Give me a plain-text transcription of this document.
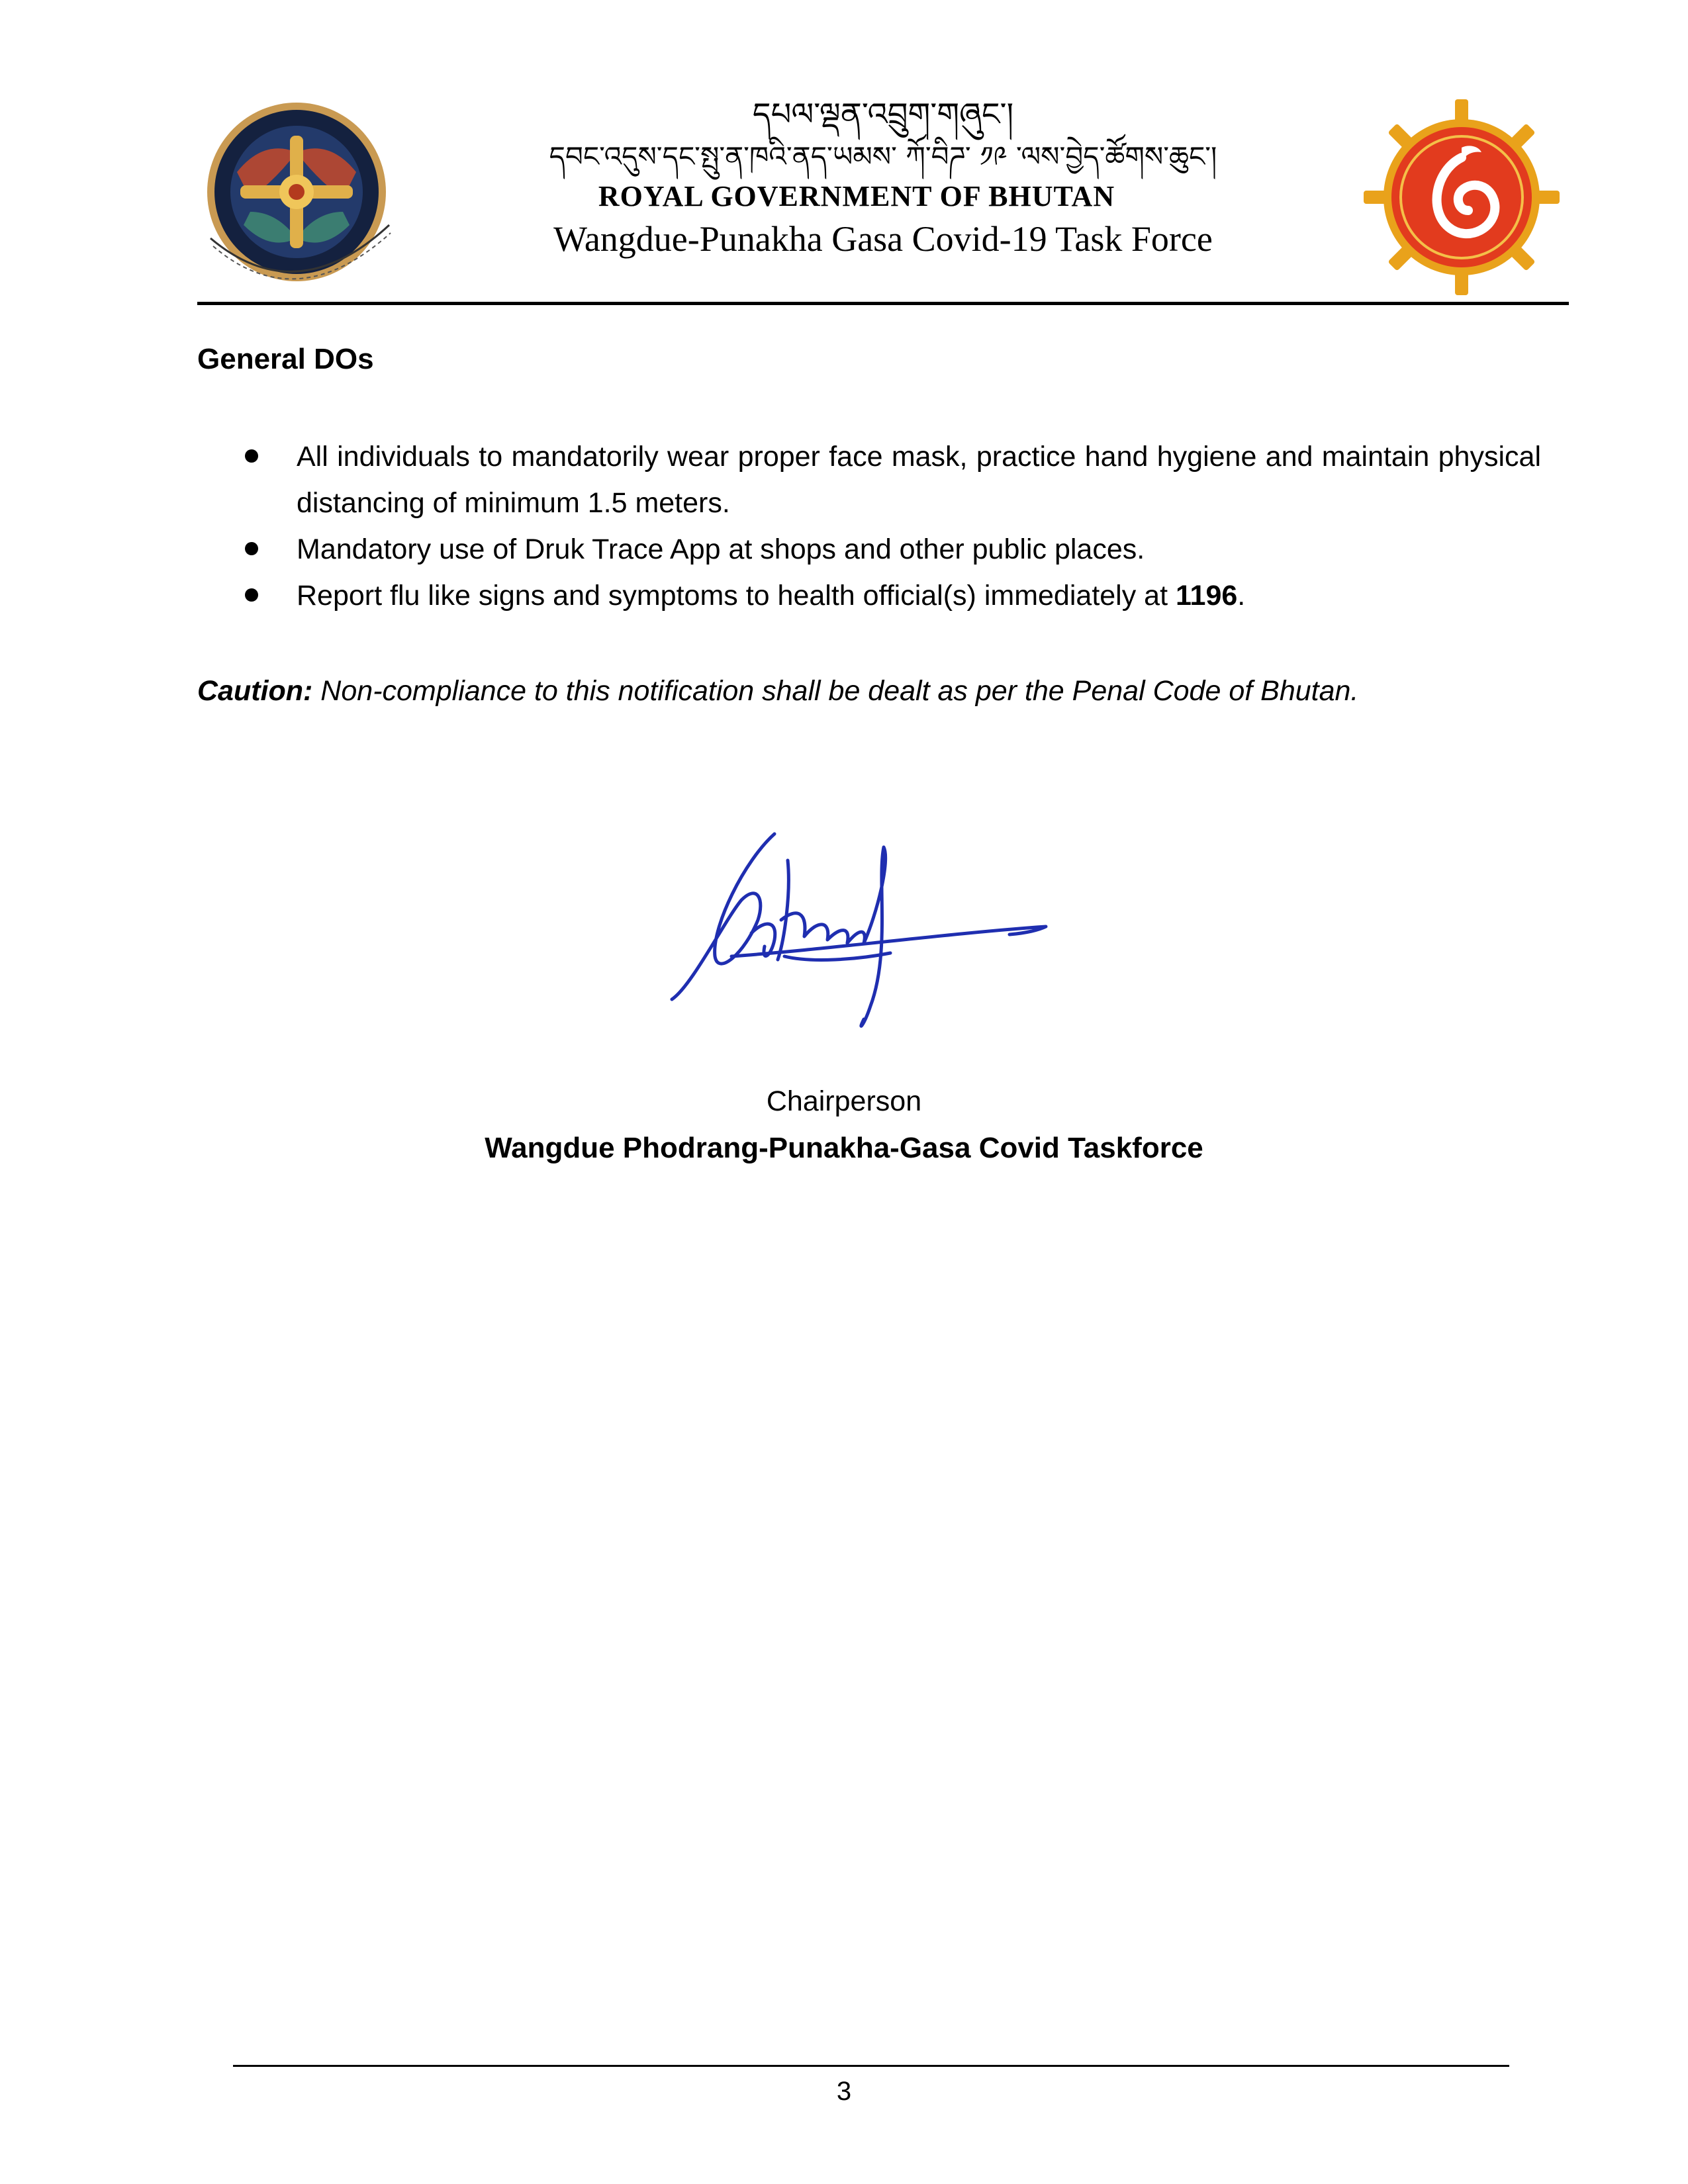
དཔལ་ལྡན་འབྲུག་གཞུང་།
དབང་འདུས་དང་སྤུ་ན་ཁའི་ནད་ཡམས་ ཀོ་བིཌ་ ༡༩ ་ལས་བྱེད་ཚོགས་ཆུང་།
ROYAL GOVERNMENT OF BHUTAN
Wangdue-Punakha Gasa Covid-19 Task Force
General DOs
All individuals to mandatorily wear proper face mask, practice hand hygiene and maintain physical distancing of minimum 1.5 meters.
Mandatory use of Druk Trace App at shops and other public places.
Report flu like signs and symptoms to health official(s) immediately at 1196.
Caution: Non-compliance to this notification shall be dealt as per the Penal Code of Bhutan.
Chairperson
Wangdue Phodrang-Punakha-Gasa Covid Taskforce
3
